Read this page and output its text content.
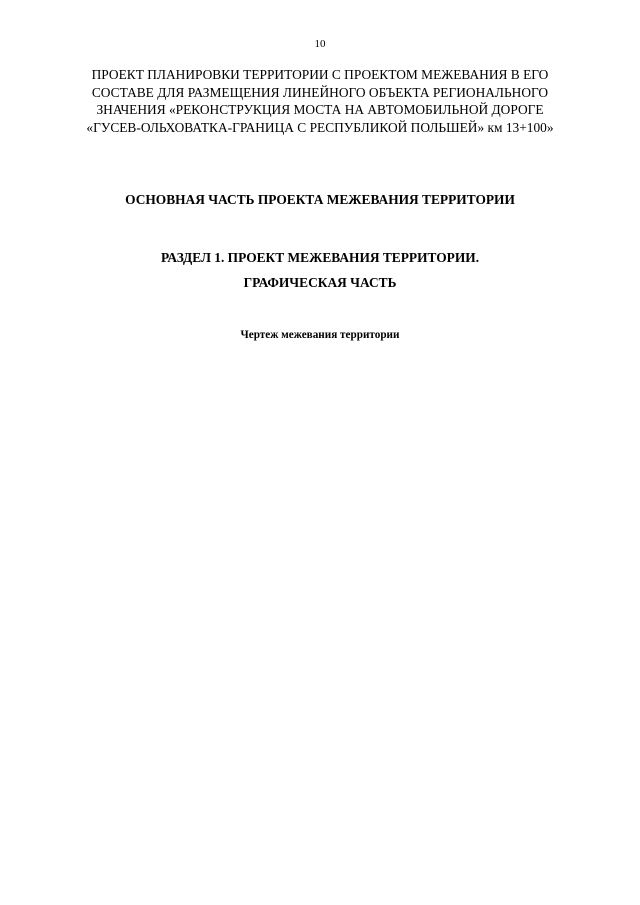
10
ПРОЕКТ ПЛАНИРОВКИ ТЕРРИТОРИИ С ПРОЕКТОМ МЕЖЕВАНИЯ В ЕГО
СОСТАВЕ ДЛЯ РАЗМЕЩЕНИЯ ЛИНЕЙНОГО ОБЪЕКТА РЕГИОНАЛЬНОГО
ЗНАЧЕНИЯ «РЕКОНСТРУКЦИЯ МОСТА НА АВТОМОБИЛЬНОЙ ДОРОГЕ
«ГУСЕВ-ОЛЬХОВАТКА-ГРАНИЦА С РЕСПУБЛИКОЙ ПОЛЬШЕЙ» км 13+100»
ОСНОВНАЯ ЧАСТЬ ПРОЕКТА МЕЖЕВАНИЯ ТЕРРИТОРИИ
РАЗДЕЛ 1. ПРОЕКТ МЕЖЕВАНИЯ ТЕРРИТОРИИ.
ГРАФИЧЕСКАЯ ЧАСТЬ
Чертеж межевания территории
